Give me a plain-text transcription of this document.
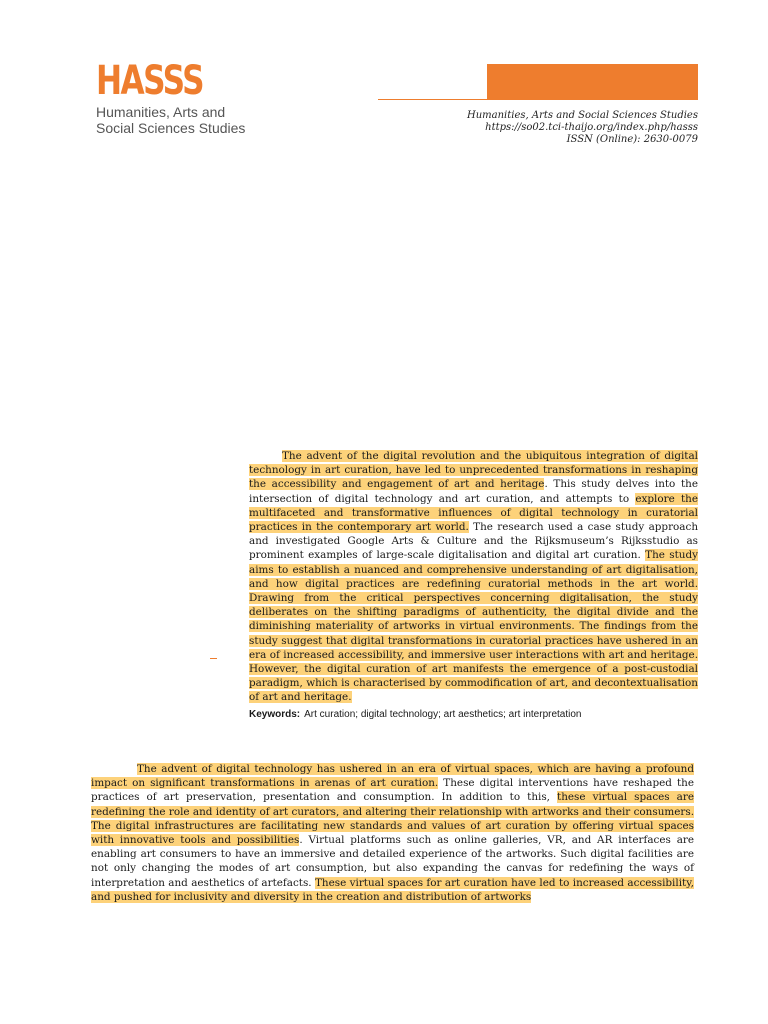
HASSS
Humanities, Arts and
Social Sciences Studies
Humanities, Arts and Social Sciences Studies
https://so02.tci-thaijo.org/index.php/hasss
ISSN (Online): 2630-0079

The advent of the digital revolution and the ubiquitous integration of digital technology in art curation, have led to unprecedented transformations in reshaping the accessibility and engagement of art and heritage. This study delves into the intersection of digital technology and art curation, and attempts to explore the multifaceted and transformative influences of digital technology in curatorial practices in the contemporary art world. The research used a case study approach and investigated Google Arts & Culture and the Rijksmuseum’s Rijksstudio as prominent examples of large-scale digitalisation and digital art curation. The study aims to establish a nuanced and comprehensive understanding of art digitalisation, and how digital practices are redefining curatorial methods in the art world. Drawing from the critical perspectives concerning digitalisation, the study deliberates on the shifting paradigms of authenticity, the digital divide and the diminishing materiality of artworks in virtual environments. The findings from the study suggest that digital transformations in curatorial practices have ushered in an era of increased accessibility, and immersive user interactions with art and heritage. However, the digital curation of art manifests the emergence of a post-custodial paradigm, which is characterised by commodification of art, and decontextualisation of art and heritage.

Keywords: Art curation; digital technology; art aesthetics; art interpretation

The advent of digital technology has ushered in an era of virtual spaces, which are having a profound impact on significant transformations in arenas of art curation. These digital interventions have reshaped the practices of art preservation, presentation and consumption. In addition to this, these virtual spaces are redefining the role and identity of art curators, and altering their relationship with artworks and their consumers. The digital infrastructures are facilitating new standards and values of art curation by offering virtual spaces with innovative tools and possibilities. Virtual platforms such as online galleries, VR, and AR interfaces are enabling art consumers to have an immersive and detailed experience of the artworks. Such digital facilities are not only changing the modes of art consumption, but also expanding the canvas for redefining the ways of interpretation and aesthetics of artefacts. These virtual spaces for art curation have led to increased accessibility, and pushed for inclusivity and diversity in the creation and distribution of artworks
